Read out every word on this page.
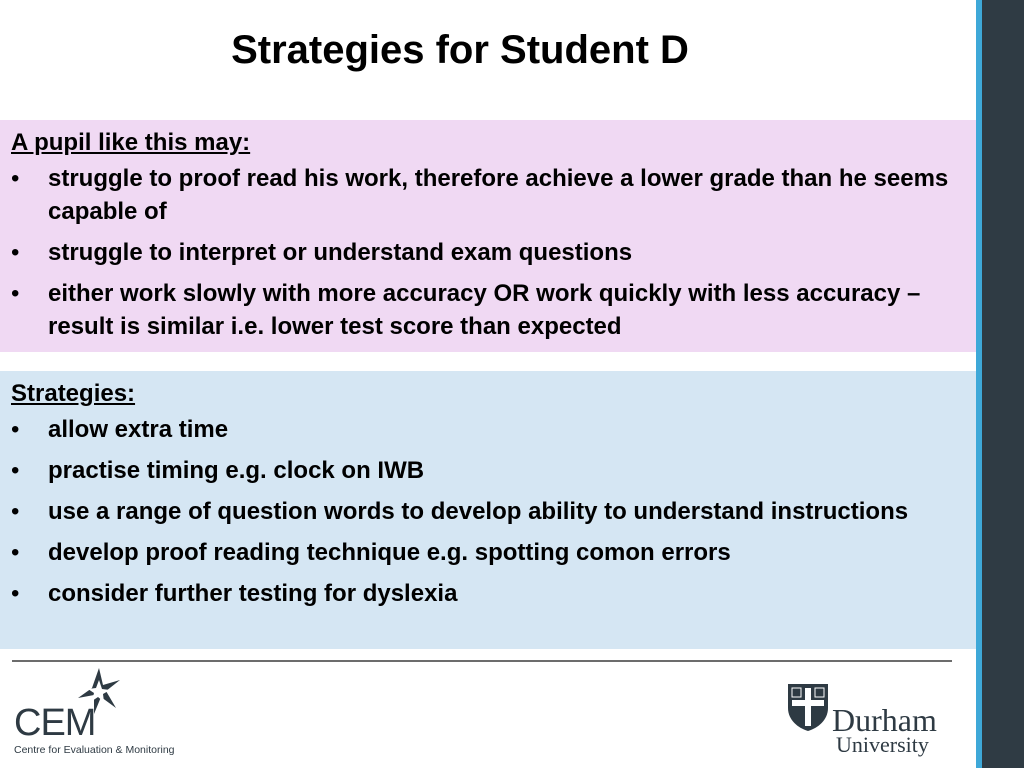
Strategies for Student D
A pupil like this may:
• struggle to proof read his work, therefore achieve a lower grade than he seems capable of
• struggle to interpret or understand exam questions
• either work slowly with more accuracy OR work quickly with less accuracy – result is similar i.e. lower test score than expected
Strategies:
• allow extra time
• practise timing e.g. clock on IWB
• use a range of question words to develop ability to understand instructions
• develop proof reading technique e.g. spotting comon errors
• consider further testing for dyslexia
CEM
Centre for Evaluation & Monitoring
Durham
University
